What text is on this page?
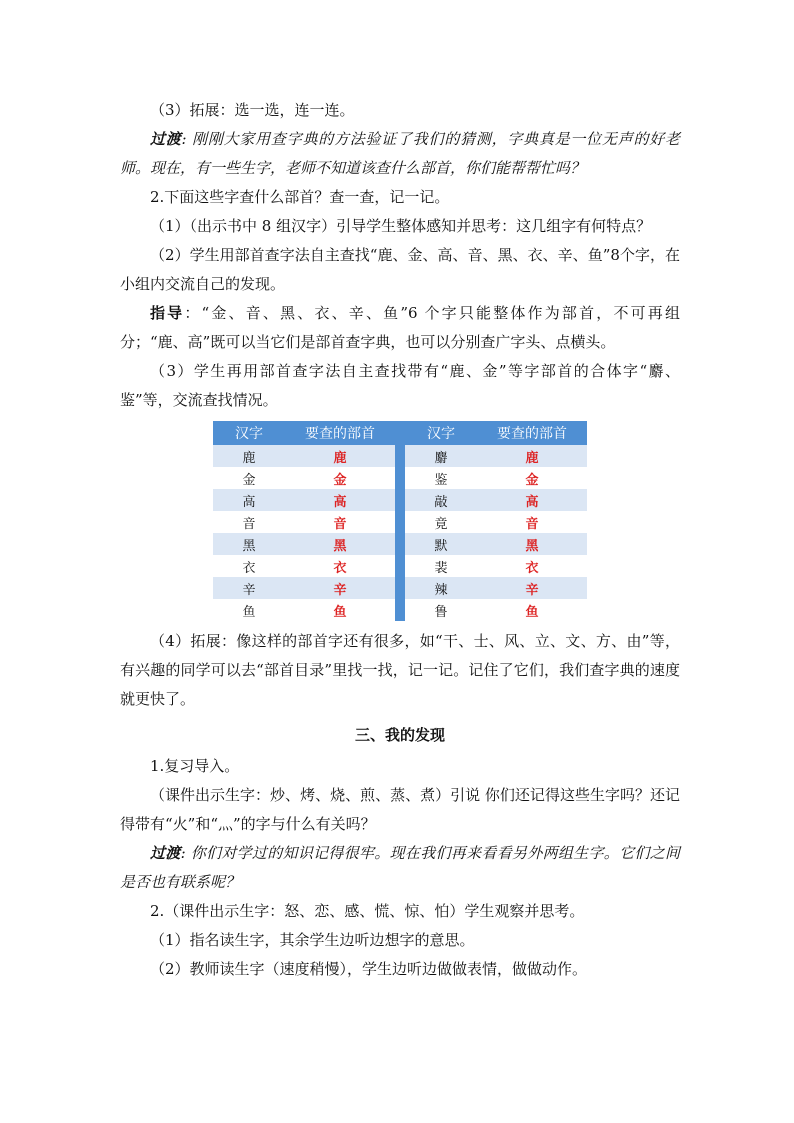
（3）拓展：选一选，连一连。

过渡: 刚刚大家用查字典的方法验证了我们的猜测，字典真是一位无声的好老师。现在，有一些生字，老师不知道该查什么部首，你们能帮帮忙吗？

2.下面这些字查什么部首？查一查，记一记。

（1）（出示书中 8 组汉字）引导学生整体感知并思考：这几组字有何特点？

（2）学生用部首查字法自主查找“鹿、金、高、音、黑、衣、辛、鱼”8个字，在小组内交流自己的发现。

指导：“金、音、黑、衣、辛、鱼”6 个字只能整体作为部首，不可再组分；“鹿、高”既可以当它们是部首查字典，也可以分别查广字头、点横头。

（3）学生再用部首查字法自主查找带有“鹿、金”等字部首的合体字“麝、鉴”等，交流查找情况。

汉字	要查的部首		汉字	要查的部首
鹿	鹿		麝	鹿
金	金		鉴	金
高	高		敲	高
音	音		竟	音
黑	黑		默	黑
衣	衣		裴	衣
辛	辛		辣	辛
鱼	鱼		鲁	鱼

（4）拓展：像这样的部首字还有很多，如“干、士、风、立、文、方、由”等，有兴趣的同学可以去“部首目录”里找一找，记一记。记住了它们，我们查字典的速度就更快了。

三、我的发现

1.复习导入。

（课件出示生字：炒、烤、烧、煎、蒸、煮）引说 你们还记得这些生字吗？还记得带有“火”和“灬”的字与什么有关吗？

过渡: 你们对学过的知识记得很牢。现在我们再来看看另外两组生字。它们之间是否也有联系呢？

2.（课件出示生字：怒、恋、感、慌、惊、怕）学生观察并思考。

（1）指名读生字，其余学生边听边想字的意思。

（2）教师读生字（速度稍慢），学生边听边做做表情，做做动作。
